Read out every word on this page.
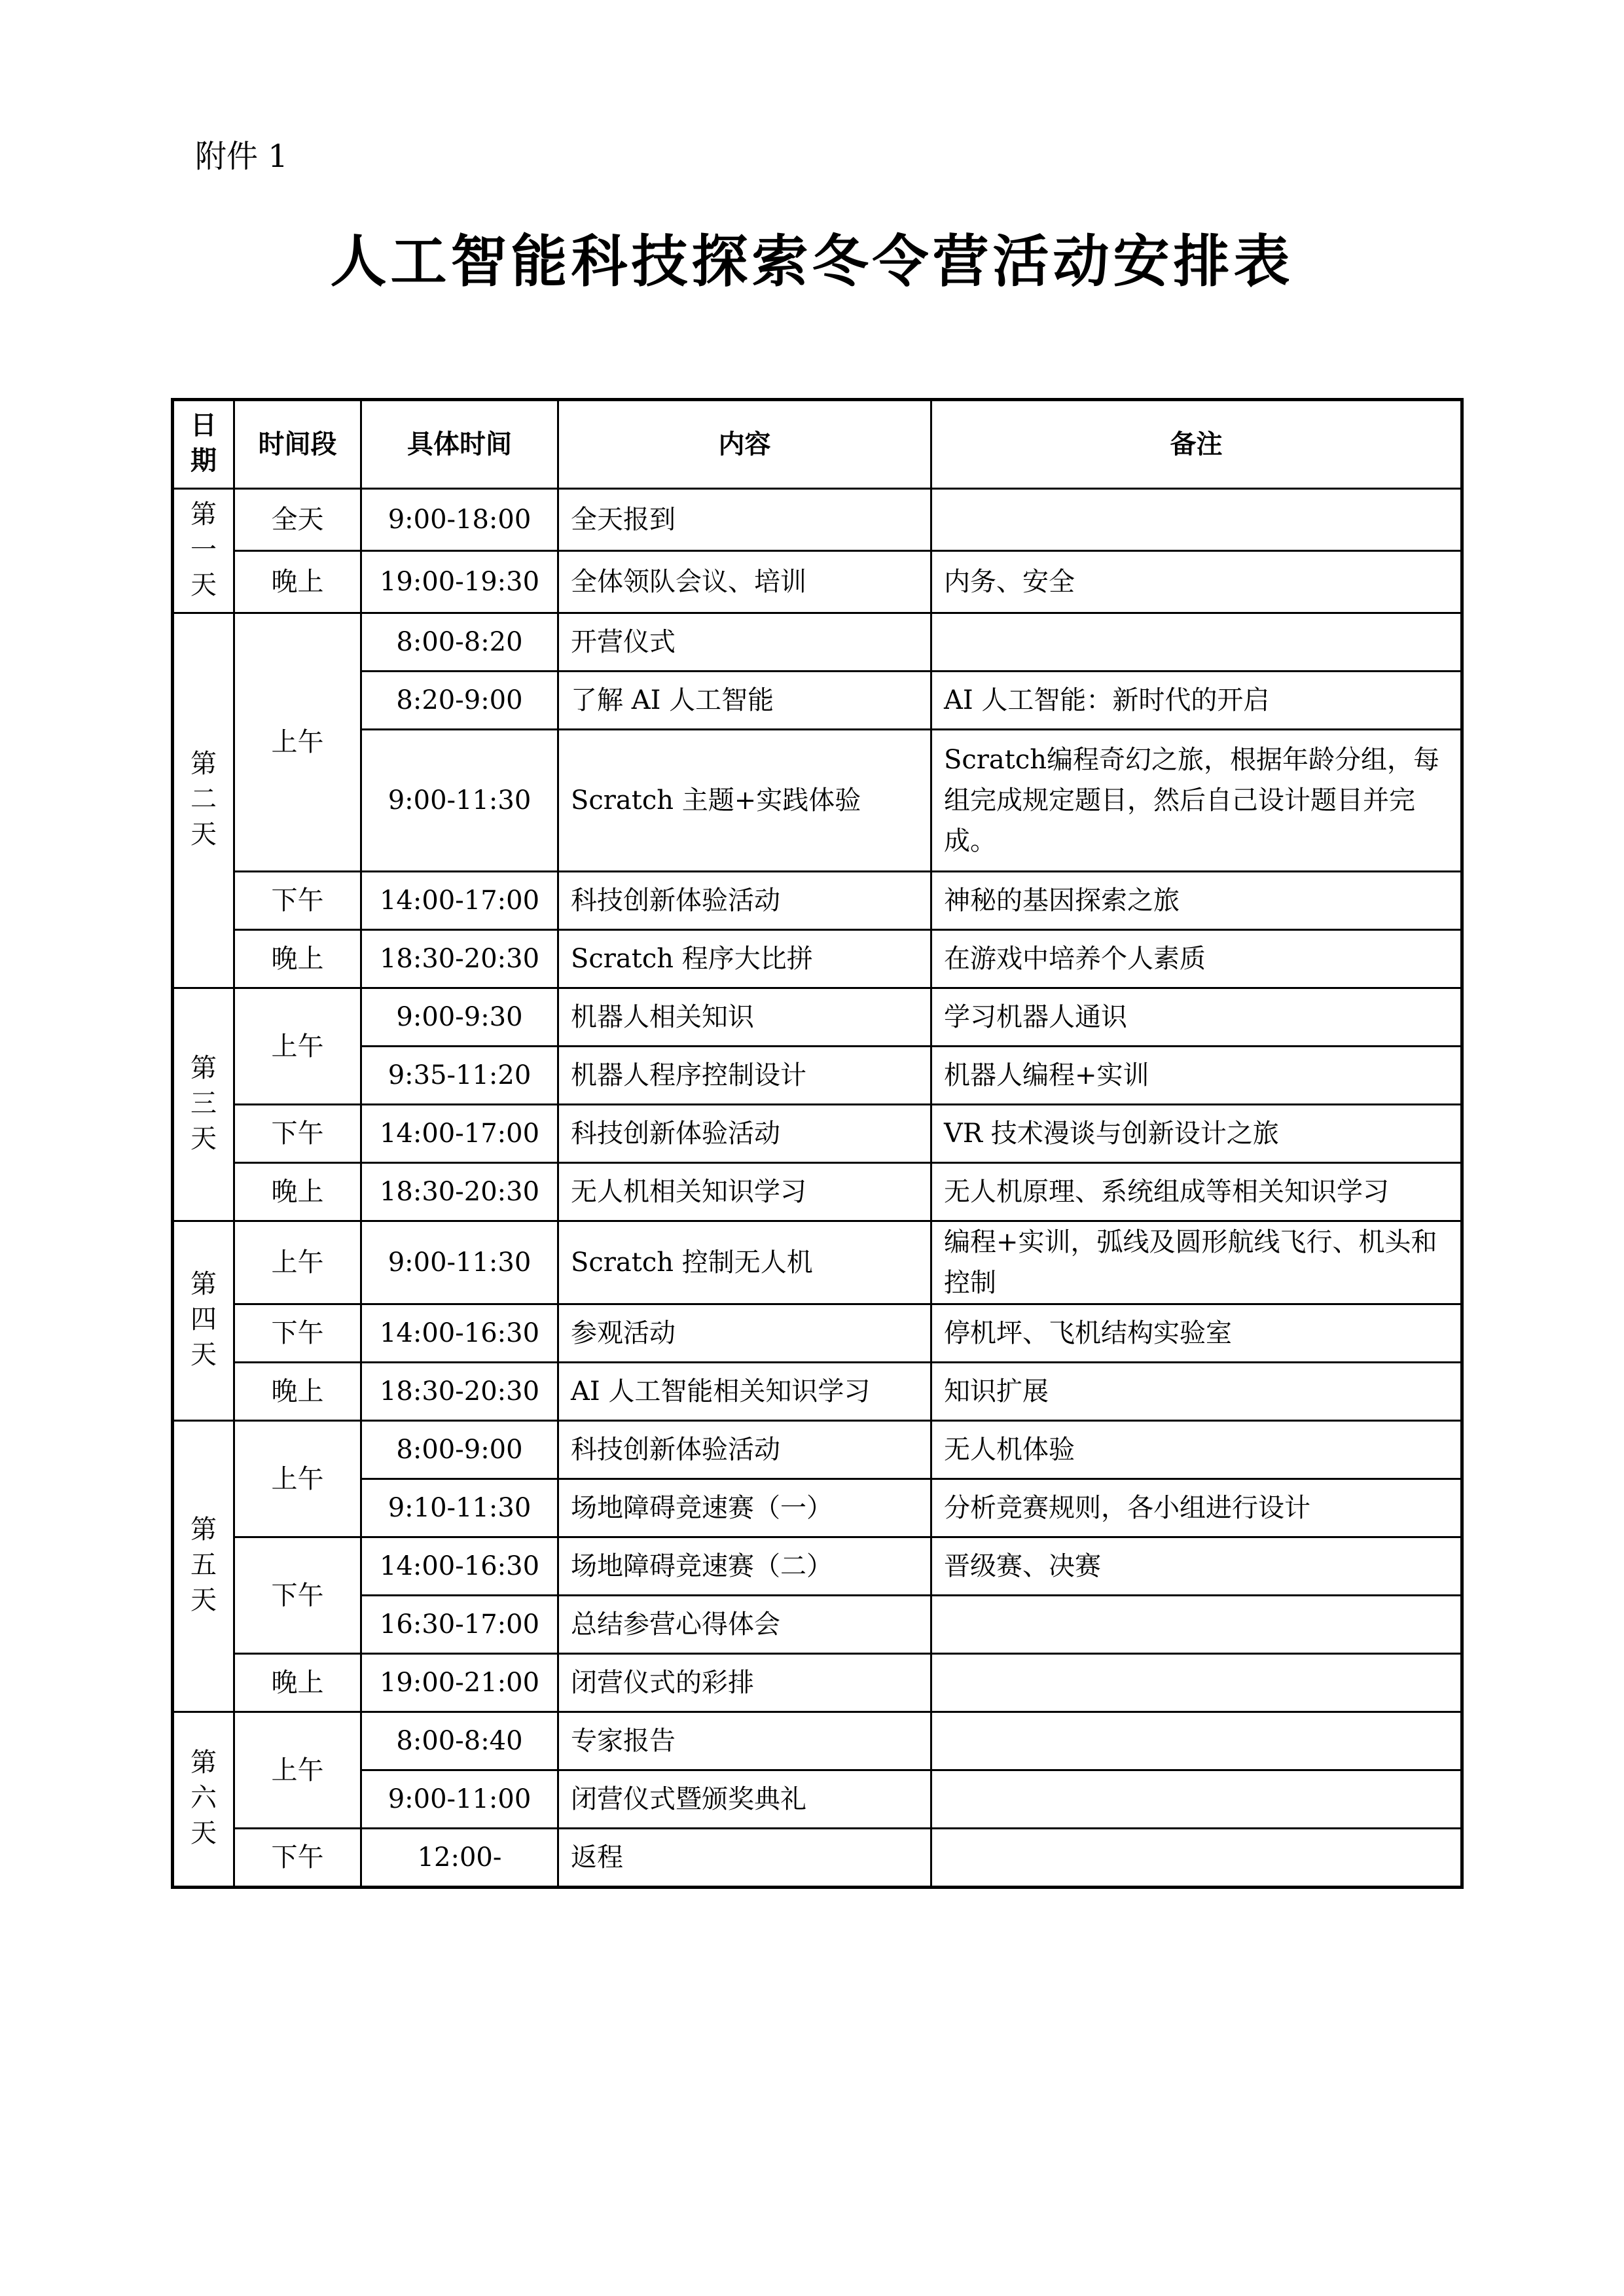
附件 1
人工智能科技探索冬令营活动安排表
日期	时间段	具体时间	内容	备注
第一天	全天	9:00-18:00	全天报到	
	晚上	19:00-19:30	全体领队会议、培训	内务、安全
第二天	上午	8:00-8:20	开营仪式	
		8:20-9:00	了解 AI 人工智能	AI 人工智能：新时代的开启
		9:00-11:30	Scratch 主题+实践体验	Scratch编程奇幻之旅，根据年龄分组，每组完成规定题目，然后自己设计题目并完成。
	下午	14:00-17:00	科技创新体验活动	神秘的基因探索之旅
	晚上	18:30-20:30	Scratch 程序大比拼	在游戏中培养个人素质
第三天	上午	9:00-9:30	机器人相关知识	学习机器人通识
		9:35-11:20	机器人程序控制设计	机器人编程+实训
	下午	14:00-17:00	科技创新体验活动	VR 技术漫谈与创新设计之旅
	晚上	18:30-20:30	无人机相关知识学习	无人机原理、系统组成等相关知识学习
第四天	上午	9:00-11:30	Scratch 控制无人机	编程+实训，弧线及圆形航线飞行、机头和控制
	下午	14:00-16:30	参观活动	停机坪、飞机结构实验室
	晚上	18:30-20:30	AI 人工智能相关知识学习	知识扩展
第五天	上午	8:00-9:00	科技创新体验活动	无人机体验
		9:10-11:30	场地障碍竞速赛（一）	分析竞赛规则，各小组进行设计
	下午	14:00-16:30	场地障碍竞速赛（二）	晋级赛、决赛
		16:30-17:00	总结参营心得体会	
	晚上	19:00-21:00	闭营仪式的彩排	
第六天	上午	8:00-8:40	专家报告	
		9:00-11:00	闭营仪式暨颁奖典礼	
	下午	12:00-	返程	
